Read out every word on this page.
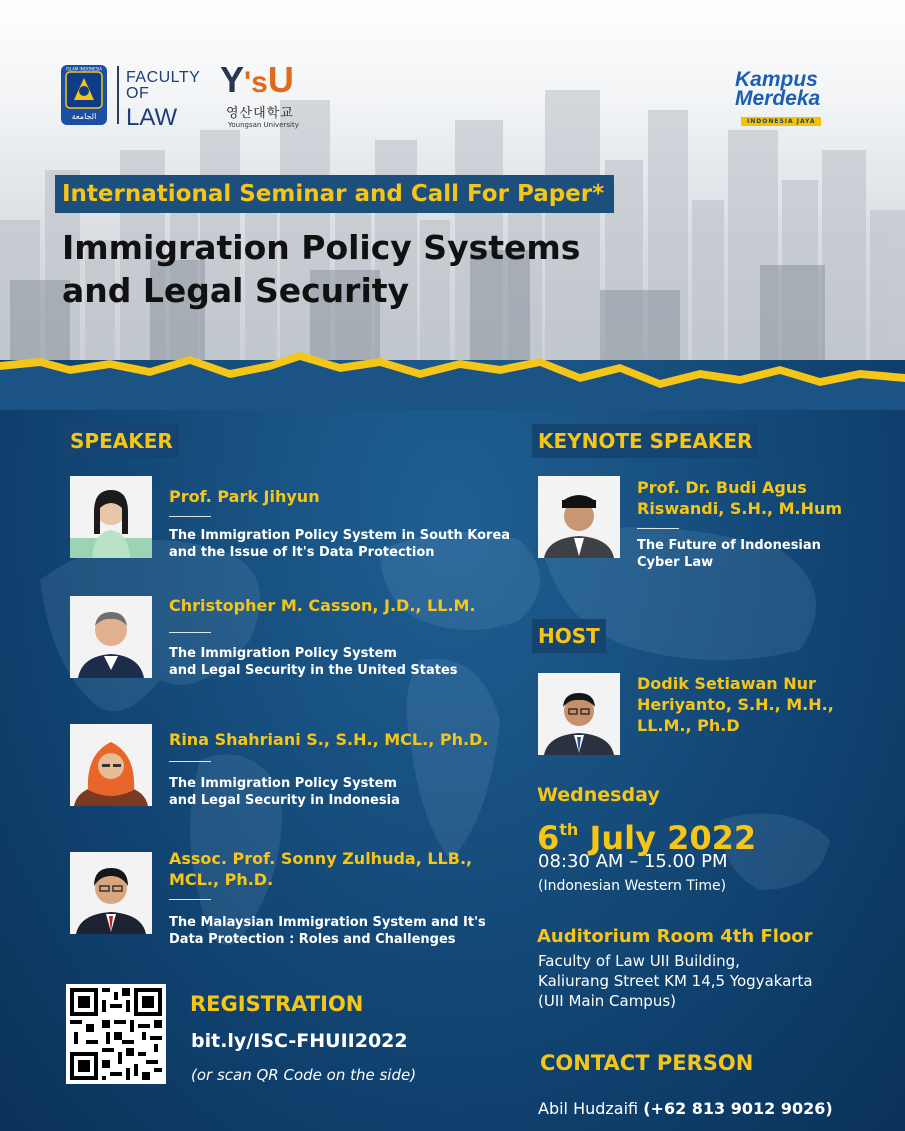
ISLAM INDONESIA
الجامعة
FACULTY OF
LAW
Y'sU
영산대학교
Youngsan University
Kampus
Merdeka
INDONESIA JAYA
International Seminar and Call For Paper*
Immigration Policy Systems
and Legal Security
SPEAKER	KEYNOTE SPEAKER
HOST
Prof. Park Jihyun
The Immigration Policy System in South Korea
and the Issue of It's Data Protection
Christopher M. Casson, J.D., LL.M.
The Immigration Policy System
and Legal Security in the United States
Rina Shahriani S., S.H., MCL., Ph.D.
The Immigration Policy System
and Legal Security in Indonesia
Assoc. Prof. Sonny Zulhuda, LLB.,
MCL., Ph.D.
The Malaysian Immigration System and It's
Data Protection : Roles and Challenges
Prof. Dr. Budi Agus
Riswandi, S.H., M.Hum
The Future of Indonesian
Cyber Law
Dodik Setiawan Nur
Heriyanto, S.H., M.H.,
LL.M., Ph.D
Wednesday
6th July 2022
08:30 AM – 15.00 PM
(Indonesian Western Time)
Auditorium Room 4th Floor
Faculty of Law UII Building,
Kaliurang Street KM 14,5 Yogyakarta
(UII Main Campus)
REGISTRATION
bit.ly/ISC-FHUII2022
(or scan QR Code on the side)	CONTACT PERSON
Abil Hudzaifi (+62 813 9012 9026)
